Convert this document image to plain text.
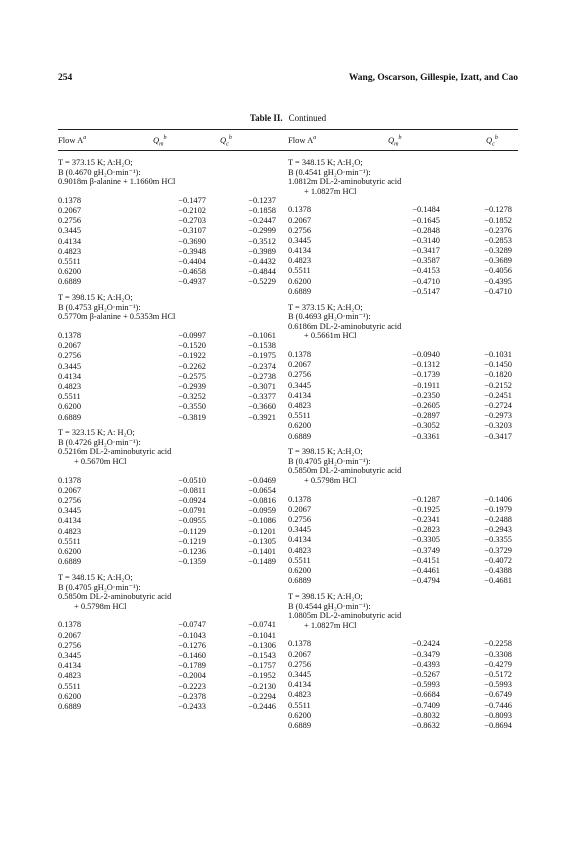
254	Wang, Oscarson, Gillespie, Izatt, and Cao
Table II. Continued
Flow $A^a$	$Q_m^b$	$Q_c^b$	Flow $A^a$	$Q_m^b$	$Q_c^b$
T = 373.15 K; A:H₂O;
B (0.4670 gH₂O·min⁻¹):
0.9018m β-alanine + 1.1660m HCl
0.1378	−0.1477	−0.1237
0.2067	−0.2102	−0.1858
0.2756	−0.2703	−0.2447
0.3445	−0.3107	−0.2999
0.4134	−0.3690	−0.3512
0.4823	−0.3948	−0.3989
0.5511	−0.4404	−0.4432
0.6200	−0.4658	−0.4844
0.6889	−0.4937	−0.5229
T = 398.15 K; A:H₂O;
B (0.4753 gH₂O·min⁻¹):
0.5770m β-alanine + 0.5353m HCl
0.1378	−0.0997	−0.1061
0.2067	−0.1520	−0.1538
0.2756	−0.1922	−0.1975
0.3445	−0.2262	−0.2374
0.4134	−0.2575	−0.2738
0.4823	−0.2939	−0.3071
0.5511	−0.3252	−0.3377
0.6200	−0.3550	−0.3660
0.6889	−0.3819	−0.3921
T = 323.15 K; A: H₂O;
B (0.4726 gH₂O·min⁻¹):
0.5216m DL-2-aminobutyric acid
+ 0.5670m HCl
0.1378	−0.0510	−0.0469
0.2067	−0.0811	−0.0654
0.2756	−0.0924	−0.0816
0.3445	−0.0791	−0.0959
0.4134	−0.0955	−0.1086
0.4823	−0.1129	−0.1201
0.5511	−0.1219	−0.1305
0.6200	−0.1236	−0.1401
0.6889	−0.1359	−0.1489
T = 348.15 K; A:H₂O;
B (0.4705 gH₂O·min⁻¹):
0.5850m DL-2-aminobutyric acid
+ 0.5798m HCl
0.1378	−0.0747	−0.0741
0.2067	−0.1043	−0.1041
0.2756	−0.1276	−0.1306
0.3445	−0.1460	−0.1543
0.4134	−0.1789	−0.1757
0.4823	−0.2004	−0.1952
0.5511	−0.2223	−0.2130
0.6200	−0.2378	−0.2294
0.6889	−0.2433	−0.2446
T = 348.15 K; A:H₂O;
B (0.4541 gH₂O·min⁻¹):
1.0812m DL-2-aminobutyric acid
+ 1.0827m HCl
0.1378	−0.1484	−0.1278
0.2067	−0.1645	−0.1852
0.2756	−0.2848	−0.2376
0.3445	−0.3140	−0.2853
0.4134	−0.3417	−0.3289
0.4823	−0.3587	−0.3689
0.5511	−0.4153	−0.4056
0.6200	−0.4710	−0.4395
0.6889	−0.5147	−0.4710
T = 373.15 K; A:H₂O;
B (0.4693 gH₂O·min⁻¹):
0.6186m DL-2-aminobutyric acid
+ 0.5661m HCl
0.1378	−0.0940	−0.1031
0.2067	−0.1312	−0.1450
0.2756	−0.1739	−0.1820
0.3445	−0.1911	−0.2152
0.4134	−0.2350	−0.2451
0.4823	−0.2605	−0.2724
0.5511	−0.2897	−0.2973
0.6200	−0.3052	−0.3203
0.6889	−0.3361	−0.3417
T = 398.15 K; A:H₂O;
B (0.4705 gH₂O·min⁻¹):
0.5850m DL-2-aminobutyric acid
+ 0.5798m HCl
0.1378	−0.1287	−0.1406
0.2067	−0.1925	−0.1979
0.2756	−0.2341	−0.2488
0.3445	−0.2823	−0.2943
0.4134	−0.3305	−0.3355
0.4823	−0.3749	−0.3729
0.5511	−0.4151	−0.4072
0.6200	−0.4461	−0.4388
0.6889	−0.4794	−0.4681
T = 398.15 K; A:H₂O;
B (0.4544 gH₂O·min⁻¹):
1.0805m DL-2-aminobutyric acid
+ 1.0827m HCl
0.1378	−0.2424	−0.2258
0.2067	−0.3479	−0.3308
0.2756	−0.4393	−0.4279
0.3445	−0.5267	−0.5172
0.4134	−0.5993	−0.5993
0.4823	−0.6684	−0.6749
0.5511	−0.7409	−0.7446
0.6200	−0.8032	−0.8093
0.6889	−0.8632	−0.8694
